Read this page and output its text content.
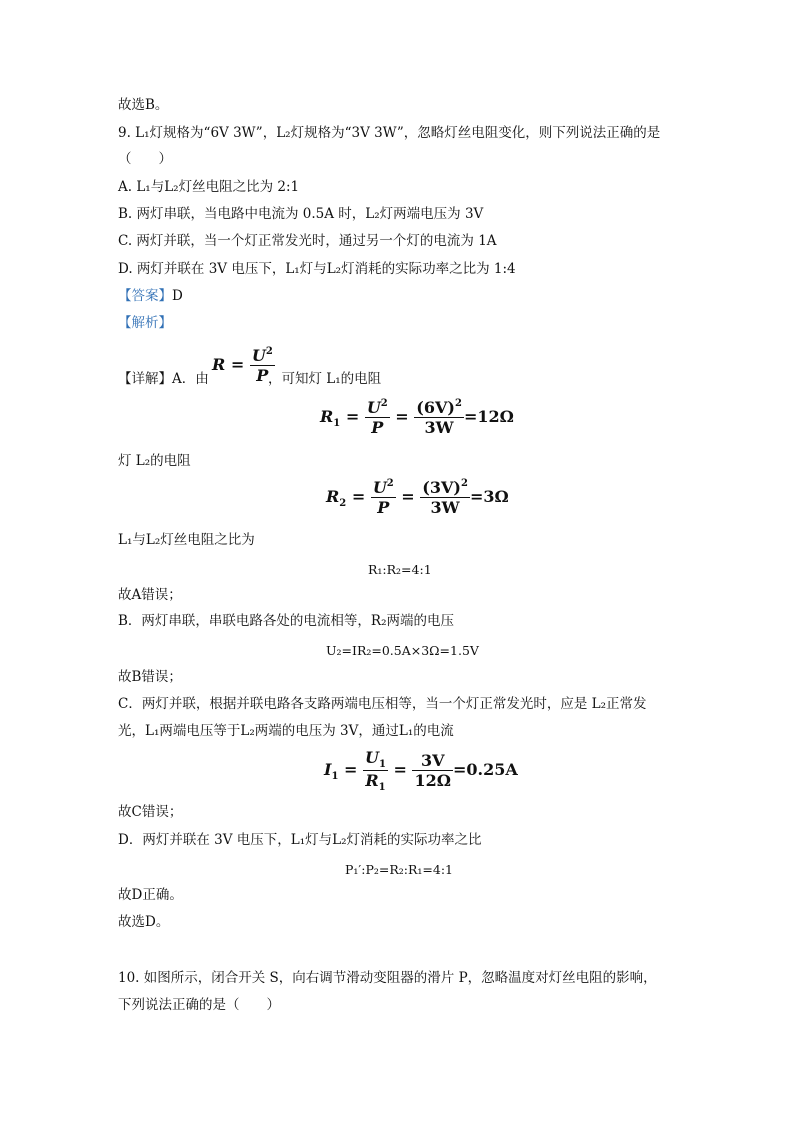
故选B。
9. L₁灯规格为“6V 3W”，L₂灯规格为“3V 3W”，忽略灯丝电阻变化，则下列说法正确的是
（　　）
A. L₁与L₂灯丝电阻之比为 2:1
B. 两灯串联，当电路中电流为 0.5A 时，L₂灯两端电压为 3V
C. 两灯并联，当一个灯正常发光时，通过另一个灯的电流为 1A
D. 两灯并联在 3V 电压下，L₁灯与L₂灯消耗的实际功率之比为 1:4
【答案】D
【解析】
【详解】A．由
$R = \frac{U^2}{P}$
，可知灯 L₁的电阻
$R_1 = \frac{U^2}{P} = \frac{(6V)^2}{3W} =12\Omega$
灯 L₂的电阻
$R_2 = \frac{U^2}{P} = \frac{(3V)^2}{3W} =3\Omega$
L₁与L₂灯丝电阻之比为
R₁:R₂=4:1
故A错误；
B．两灯串联，串联电路各处的电流相等，R₂两端的电压
U₂=IR₂=0.5A×3Ω=1.5V
故B错误；
C．两灯并联，根据并联电路各支路两端电压相等，当一个灯正常发光时，应是 L₂正常发
光，L₁两端电压等于L₂两端的电压为 3V，通过L₁的电流
$I_1 = \frac{U_1}{R_1} = \frac{3V}{12\Omega} =0.25A$
故C错误；
D．两灯并联在 3V 电压下，L₁灯与L₂灯消耗的实际功率之比
P₁′:P₂=R₂:R₁=4:1
故D正确。
故选D。
10. 如图所示，闭合开关 S，向右调节滑动变阻器的滑片 P，忽略温度对灯丝电阻的影响，
下列说法正确的是（　　）
